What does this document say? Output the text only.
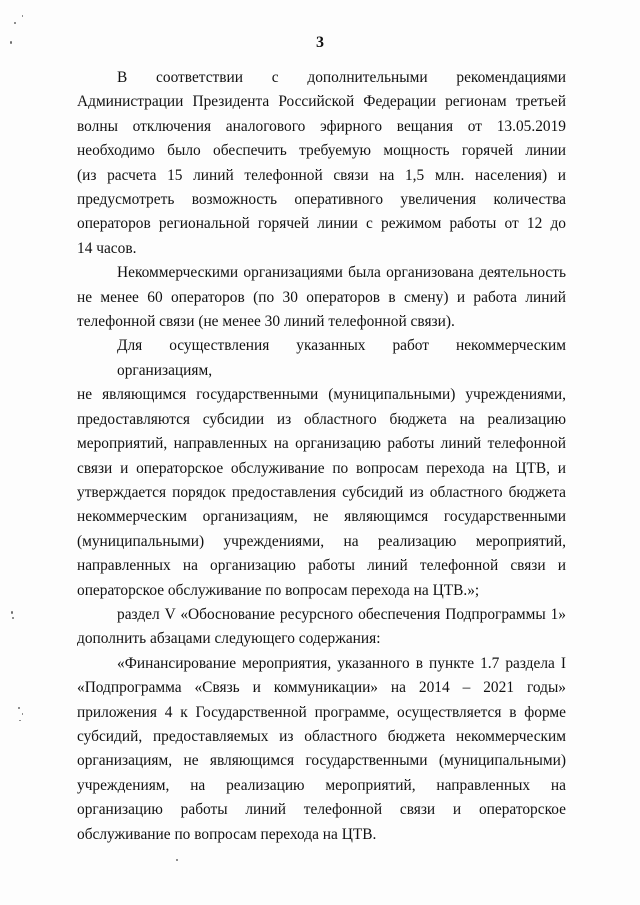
3

В соответствии с дополнительными рекомендациями
Администрации Президента Российской Федерации регионам третьей
волны отключения аналогового эфирного вещания от 13.05.2019
необходимо было обеспечить требуемую мощность горячей линии
(из расчета 15 линий телефонной связи на 1,5 млн. населения) и
предусмотреть возможность оперативного увеличения количества
операторов региональной горячей линии с режимом работы от 12 до
14 часов.

Некоммерческими организациями была организована деятельность
не менее 60 операторов (по 30 операторов в смену) и работа линий
телефонной связи (не менее 30 линий телефонной связи).

Для осуществления указанных работ некоммерческим организациям,
не являющимся государственными (муниципальными) учреждениями,
предоставляются субсидии из областного бюджета на реализацию
мероприятий, направленных на организацию работы линий телефонной
связи и операторское обслуживание по вопросам перехода на ЦТВ, и
утверждается порядок предоставления субсидий из областного бюджета
некоммерческим организациям, не являющимся государственными
(муниципальными) учреждениями, на реализацию мероприятий,
направленных на организацию работы линий телефонной связи и
операторское обслуживание по вопросам перехода на ЦТВ.»;

раздел V «Обоснование ресурсного обеспечения Подпрограммы 1»
дополнить абзацами следующего содержания:

«Финансирование мероприятия, указанного в пункте 1.7 раздела I
«Подпрограмма «Связь и коммуникации» на 2014 – 2021 годы»
приложения 4 к Государственной программе, осуществляется в форме
субсидий, предоставляемых из областного бюджета некоммерческим
организациям, не являющимся государственными (муниципальными)
учреждениям, на реализацию мероприятий, направленных на
организацию работы линий телефонной связи и операторское
обслуживание по вопросам перехода на ЦТВ.
